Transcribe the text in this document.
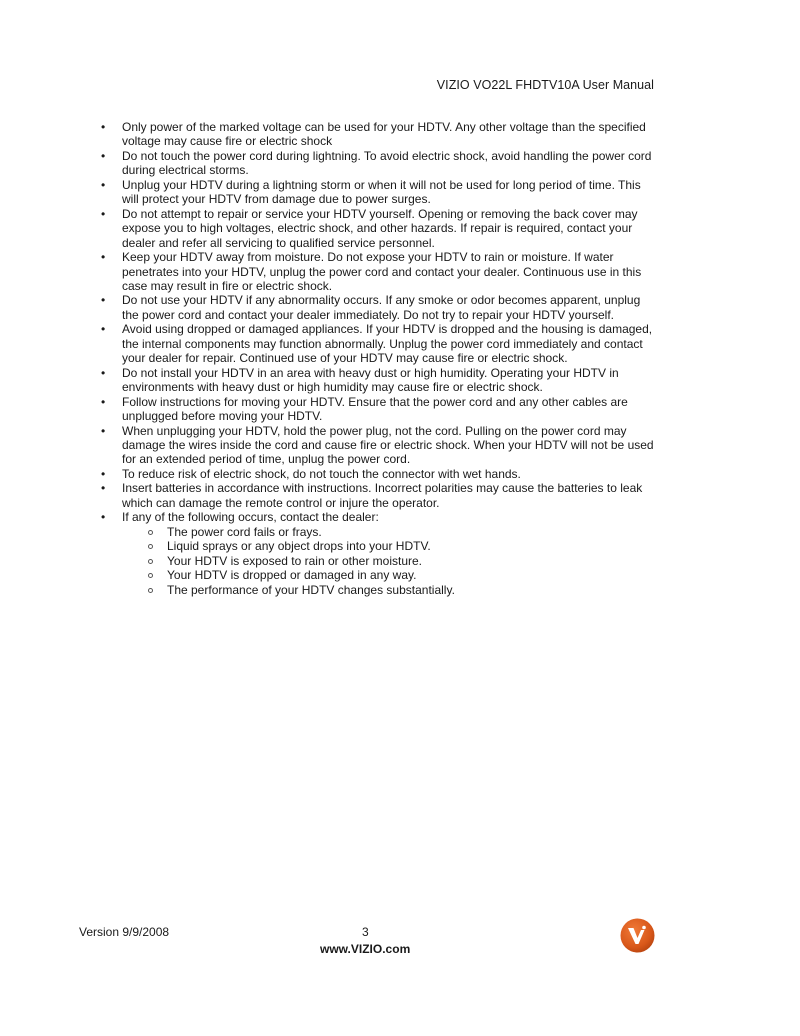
VIZIO VO22L FHDTV10A User Manual
• Only power of the marked voltage can be used for your HDTV. Any other voltage than the specified voltage may cause fire or electric shock
• Do not touch the power cord during lightning. To avoid electric shock, avoid handling the power cord during electrical storms.
• Unplug your HDTV during a lightning storm or when it will not be used for long period of time. This will protect your HDTV from damage due to power surges.
• Do not attempt to repair or service your HDTV yourself. Opening or removing the back cover may expose you to high voltages, electric shock, and other hazards. If repair is required, contact your dealer and refer all servicing to qualified service personnel.
• Keep your HDTV away from moisture. Do not expose your HDTV to rain or moisture. If water penetrates into your HDTV, unplug the power cord and contact your dealer. Continuous use in this case may result in fire or electric shock.
• Do not use your HDTV if any abnormality occurs. If any smoke or odor becomes apparent, unplug the power cord and contact your dealer immediately. Do not try to repair your HDTV yourself.
• Avoid using dropped or damaged appliances. If your HDTV is dropped and the housing is damaged, the internal components may function abnormally. Unplug the power cord immediately and contact your dealer for repair. Continued use of your HDTV may cause fire or electric shock.
• Do not install your HDTV in an area with heavy dust or high humidity. Operating your HDTV in environments with heavy dust or high humidity may cause fire or electric shock.
• Follow instructions for moving your HDTV. Ensure that the power cord and any other cables are unplugged before moving your HDTV.
• When unplugging your HDTV, hold the power plug, not the cord. Pulling on the power cord may damage the wires inside the cord and cause fire or electric shock. When your HDTV will not be used for an extended period of time, unplug the power cord.
• To reduce risk of electric shock, do not touch the connector with wet hands.
• Insert batteries in accordance with instructions. Incorrect polarities may cause the batteries to leak which can damage the remote control or injure the operator.
• If any of the following occurs, contact the dealer:
The power cord fails or frays.
Liquid sprays or any object drops into your HDTV.
Your HDTV is exposed to rain or other moisture.
Your HDTV is dropped or damaged in any way.
The performance of your HDTV changes substantially.
Version 9/9/2008	3
www.VIZIO.com
